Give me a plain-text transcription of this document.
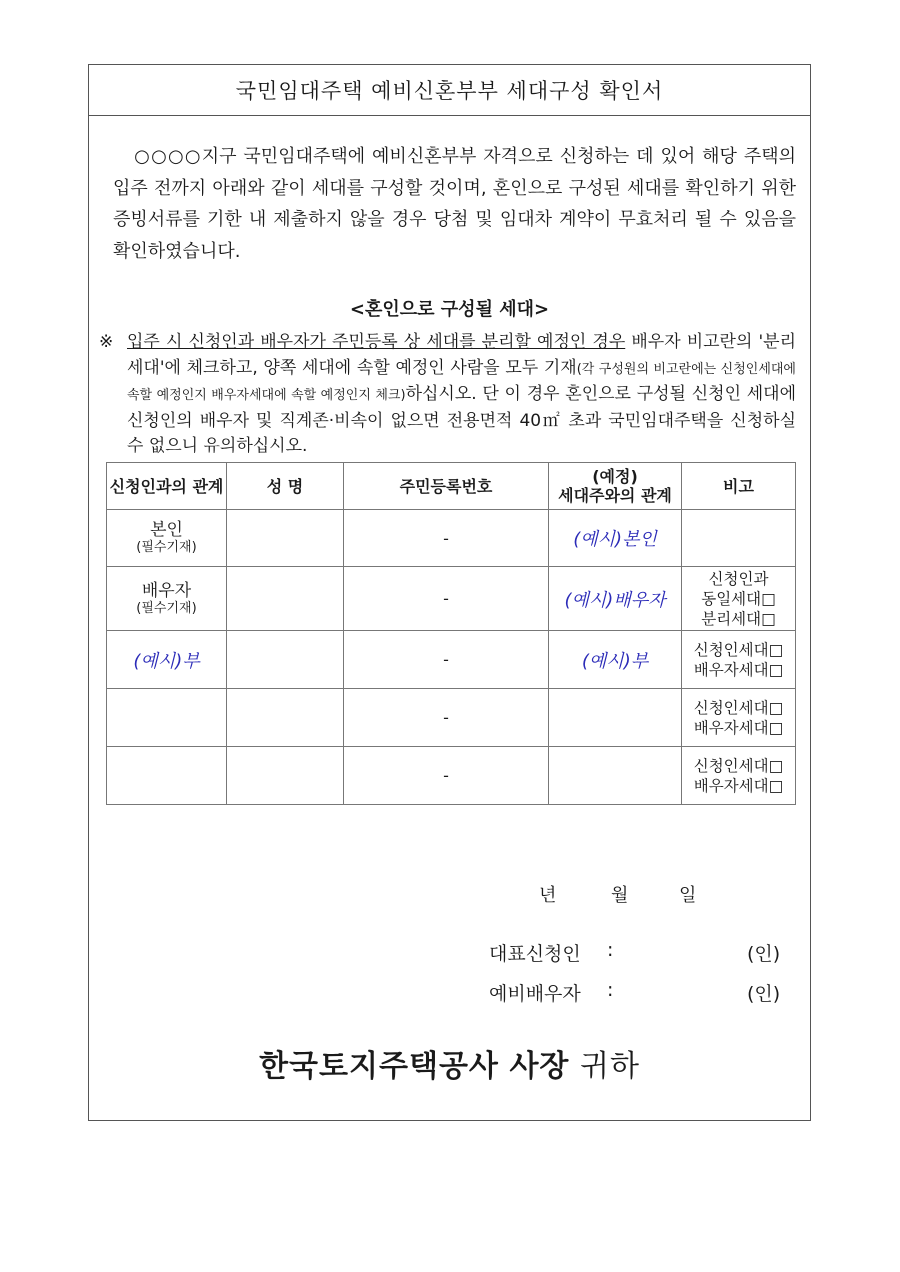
국민임대주택 예비신혼부부 세대구성 확인서

○○○○지구 국민임대주택에 예비신혼부부 자격으로 신청하는 데 있어 해당 주택의 입주 전까지 아래와 같이 세대를 구성할 것이며, 혼인으로 구성된 세대를 확인하기 위한 증빙서류를 기한 내 제출하지 않을 경우 당첨 및 임대차 계약이 무효처리 될 수 있음을 확인하였습니다.

<혼인으로 구성될 세대>
※ 입주 시 신청인과 배우자가 주민등록 상 세대를 분리할 예정인 경우 배우자 비고란의 '분리세대'에 체크하고, 양쪽 세대에 속할 예정인 사람을 모두 기재(각 구성원의 비고란에는 신청인세대에 속할 예정인지 배우자세대에 속할 예정인지 체크)하십시오. 단 이 경우 혼인으로 구성될 신청인 세대에 신청인의 배우자 및 직계존·비속이 없으면 전용면적 40㎡ 초과 국민임대주택을 신청하실 수 없으니 유의하십시오.
신청인과의 관계	성 명	주민등록번호	(예정)
세대주와의 관계	비고
본인
(필수기재)		-	(예시)본인	
배우자
(필수기재)		-	(예시)배우자	신청인과
동일세대□
분리세대□
(예시)부		-	(예시)부	신청인세대□
배우자세대□
		-		신청인세대□
배우자세대□
		-		신청인세대□
배우자세대□
년	월	일
대표신청인 :	(인)
예비배우자 :	(인)
한국토지주택공사 사장 귀하
